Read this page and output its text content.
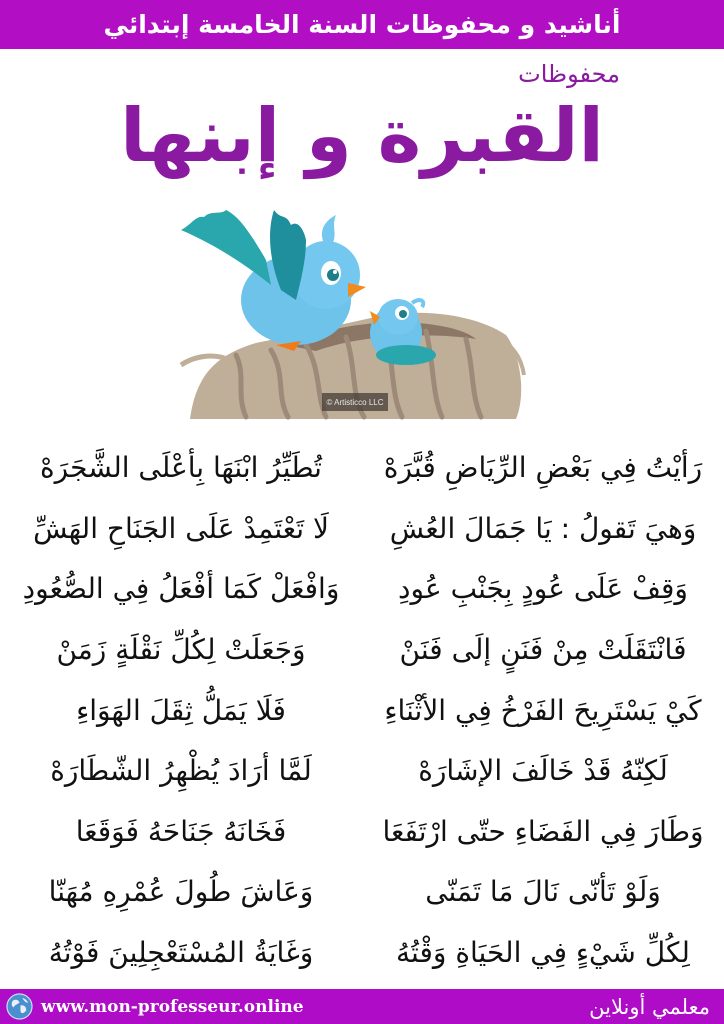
أناشيد و محفوظات السنة الخامسة إبتدائي
محفوظات
القبرة و إبنها
© Artisticco LLC
رَأيْتُ فِي بَعْضِ الرِّيَاضِ قُبَّرَهْ
تُطَيِّرُ ابْنَهَا بِأعْلَى الشَّجَرَهْ
وَهيَ تَقولُ : يَا جَمَالَ العُشِ
لَا تَعْتَمِدْ عَلَى الجَنَاحِ الهَشِّ
وَقِفْ عَلَى عُودٍ بِجَنْبِ عُودِ
وَافْعَلْ كَمَا أفْعَلُ فِي الصُّعُودِ
فَانْتَقَلَتْ مِنْ فَنَنٍ إلَى فَنَنْ
وَجَعَلَتْ لِكُلِّ نَقْلَةٍ زَمَنْ
كَيْ يَسْتَرِيحَ الفَرْخُ فِي الأثْنَاءِ
فَلَا يَمَلُّ ثِقَلَ الهَوَاءِ
لَكِنّهُ قَدْ خَالَفَ الإشَارَهْ
لَمَّا أرَادَ يُظْهِرُ الشّطَارَهْ
وَطَارَ فِي الفَضَاءِ حتّى ارْتَفَعَا
فَخَانَهُ جَنَاحَهُ فَوَقَعَا
وَلَوْ تَأنّى نَالَ مَا تَمَنّى
وَعَاشَ طُولَ عُمْرِهِ مُهَنّا
لِكُلِّ شَيْءٍ فِي الحَيَاةِ وَقْتُهُ
وَغَايَةُ المُسْتَعْجِلِينَ فَوْتُهُ
www.mon-professeur.online	معلمي أونلاين
